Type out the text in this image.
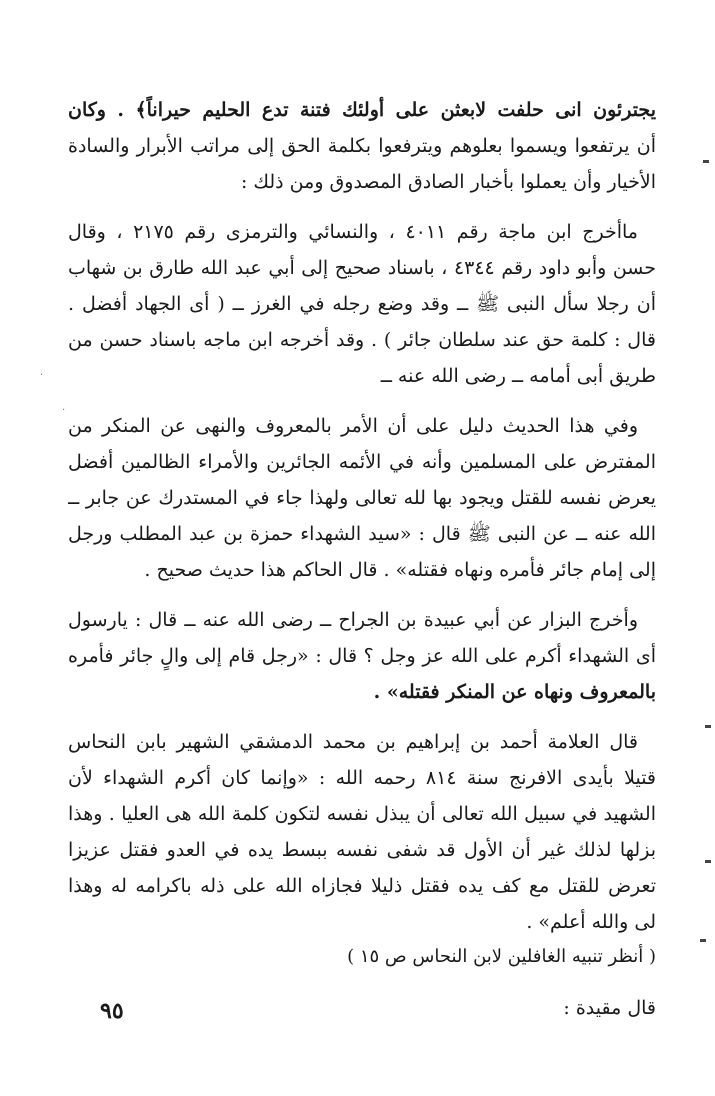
يجترئون انى حلفت لابعثن على أولئك فتنة تدع الحليم حيراناً﴾ . وكان
أن يرتفعوا ويسموا بعلوهم ويترفعوا بكلمة الحق إلى مراتب الأبرار والسادة
الأخيار وأن يعملوا بأخبار الصادق المصدوق ومن ذلك :
ماأخرج ابن ماجة رقم ٤٠١١ ، والنسائي والترمزى رقم ٢١٧٥ ، وقال
حسن وأبو داود رقم ٤٣٤٤ ، باسناد صحيح إلى أبي عبد الله طارق بن شهاب
أن رجلا سأل النبى ﷺ ــ وقد وضع رجله في الغرز ــ ( أى الجهاد أفضل .
قال : كلمة حق عند سلطان جائر ) . وقد أخرجه ابن ماجه باسناد حسن من
طريق أبى أمامه ــ رضى الله عنه ــ
وفي هذا الحديث دليل على أن الأمر بالمعروف والنهى عن المنكر من
المفترض على المسلمين وأنه في الأئمه الجائرين والأمراء الظالمين أفضل
يعرض نفسه للقتل ويجود بها لله تعالى ولهذا جاء في المستدرك عن جابر ــ
الله عنه ــ عن النبى ﷺ قال : «سيد الشهداء حمزة بن عبد المطلب ورجل
إلى إمام جائر فأمره ونهاه فقتله» . قال الحاكم هذا حديث صحيح .
وأخرج البزار عن أبي عبيدة بن الجراح ــ رضى الله عنه ــ قال : يارسول
أى الشهداء أكرم على الله عز وجل ؟ قال : «رجل قام إلى والٍ جائر فأمره
بالمعروف ونهاه عن المنكر فقتله» .
قال العلامة أحمد بن إبراهيم بن محمد الدمشقي الشهير بابن النحاس
قتيلا بأيدى الافرنج سنة ٨١٤ رحمه الله : «وإنما كان أكرم الشهداء لأن
الشهيد في سبيل الله تعالى أن يبذل نفسه لتكون كلمة الله هى العليا . وهذا
بزلها لذلك غير أن الأول قد شفى نفسه ببسط يده في العدو فقتل عزيزا
تعرض للقتل مع كف يده فقتل ذليلا فجازاه الله على ذله باكرامه له وهذا
لى والله أعلم» .
( أنظر تنبيه الغافلين لابن النحاس ص ١٥ )
قال مقيدة :
٩٥
·
·
